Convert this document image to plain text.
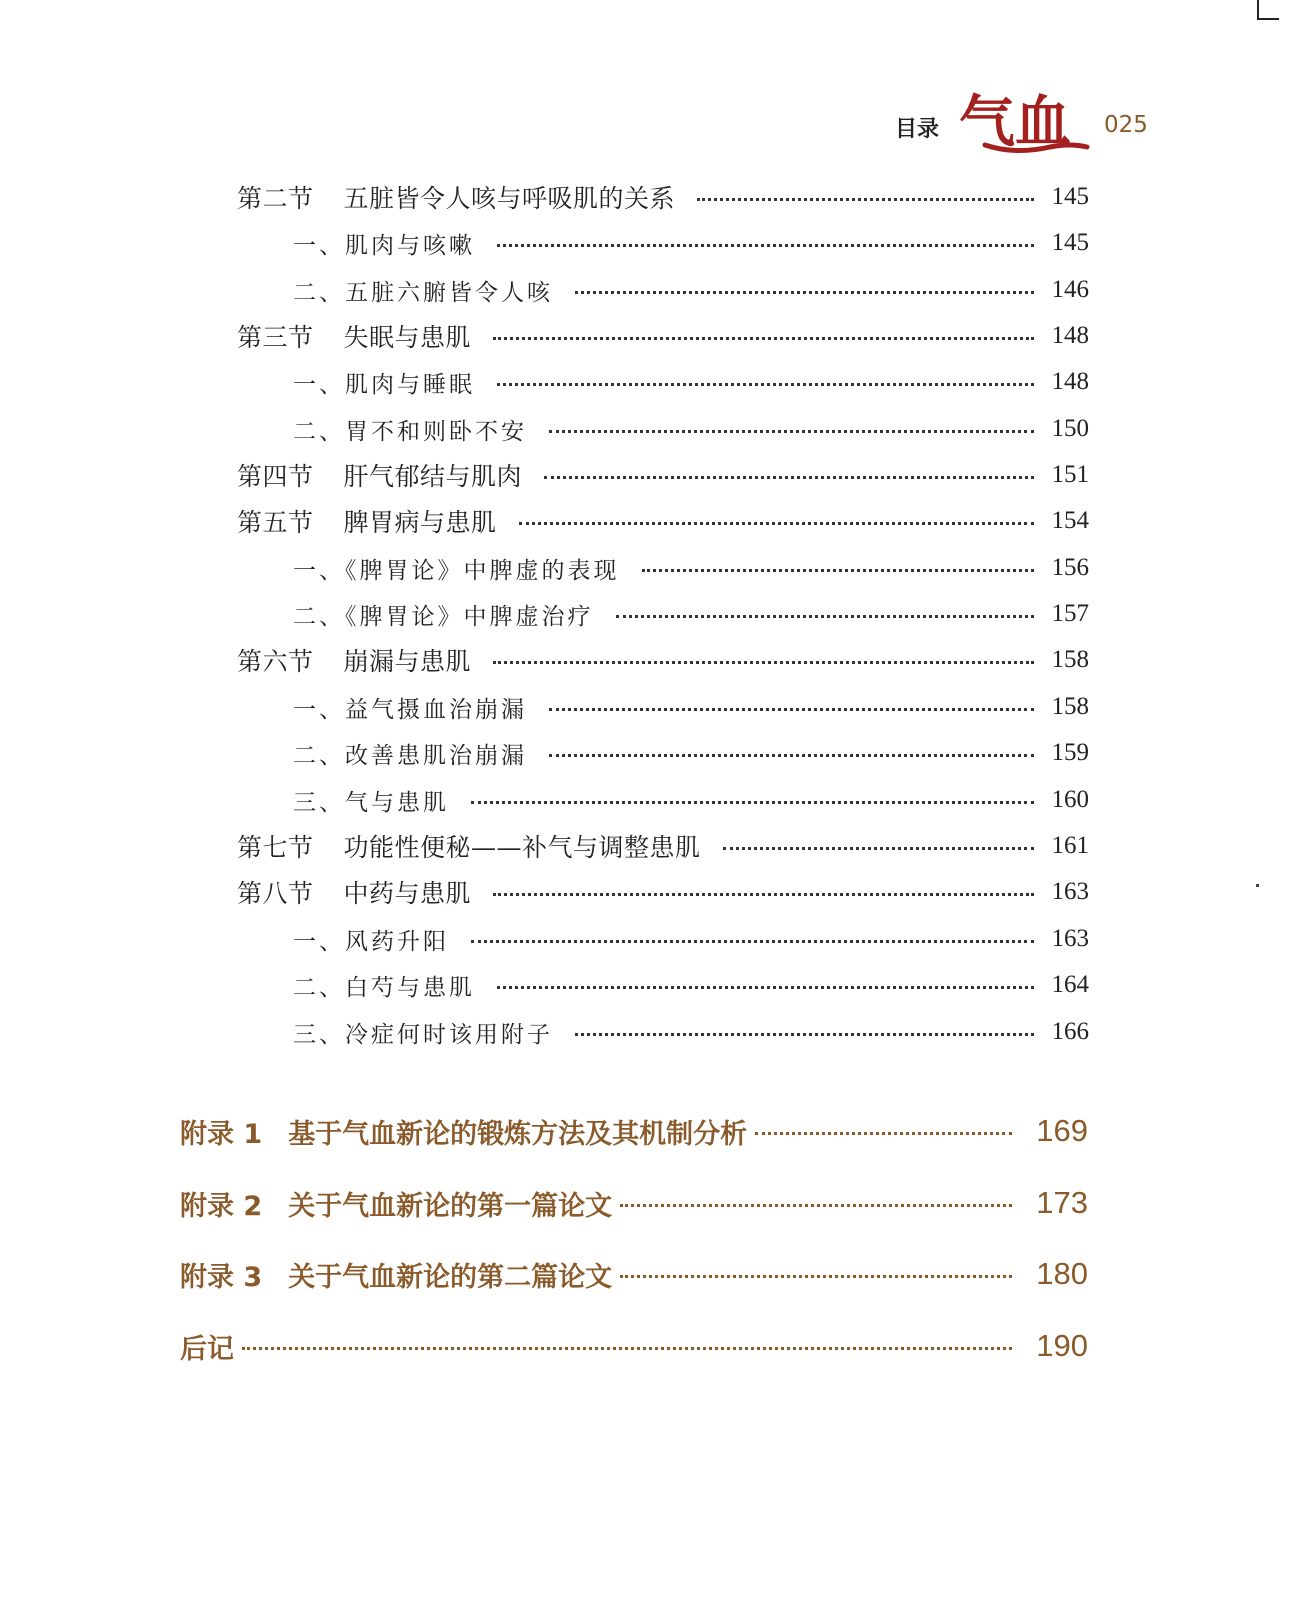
目录 气血 025
第二节 五脏皆令人咳与呼吸肌的关系	145
一、肌肉与咳嗽	145
二、五脏六腑皆令人咳	146
第三节 失眠与患肌	148
一、肌肉与睡眠	148
二、胃不和则卧不安	150
第四节 肝气郁结与肌肉	151
第五节 脾胃病与患肌	154
一、《脾胃论》中脾虚的表现	156
二、《脾胃论》中脾虚治疗	157
第六节 崩漏与患肌	158
一、益气摄血治崩漏	158
二、改善患肌治崩漏	159
三、气与患肌	160
第七节 功能性便秘——补气与调整患肌	161
第八节 中药与患肌	163
一、风药升阳	163
二、白芍与患肌	164
三、冷症何时该用附子	166
附录 1 基于气血新论的锻炼方法及其机制分析	169
附录 2 关于气血新论的第一篇论文	173
附录 3 关于气血新论的第二篇论文	180
后记	190
